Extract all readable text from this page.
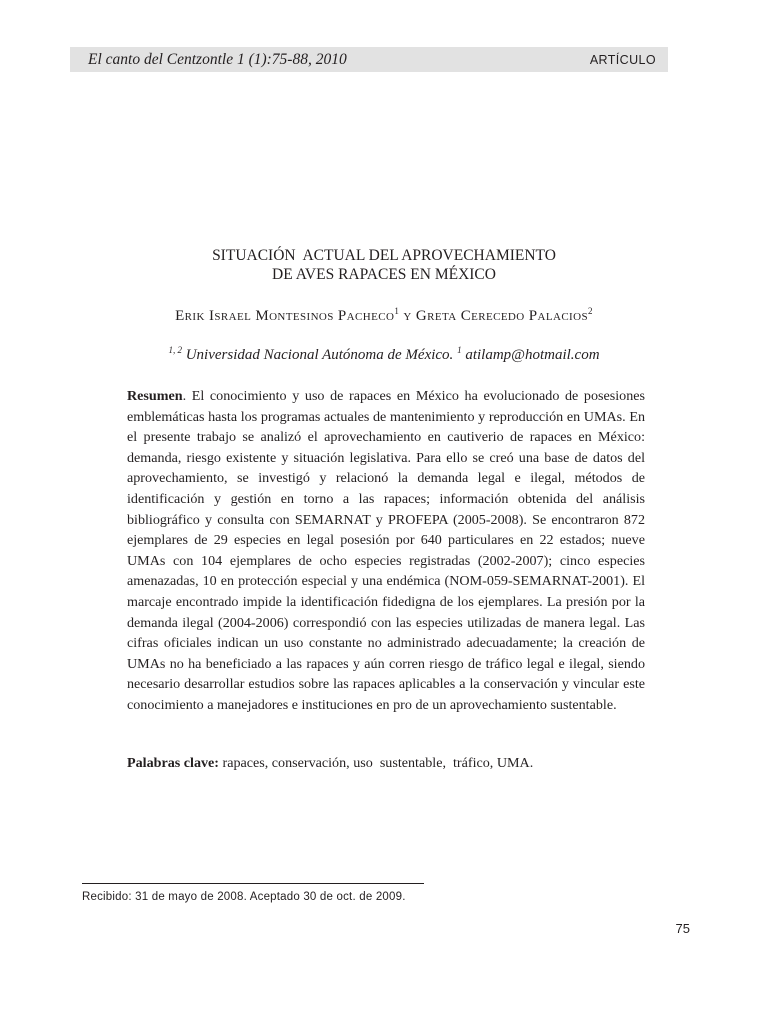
El canto del Centzontle 1 (1):75-88, 2010	ARTÍCULO
SITUACIÓN  ACTUAL DEL APROVECHAMIENTO
DE AVES RAPACES EN MÉXICO
Erik Israel Montesinos Pacheco$^1$ y Greta Cerecedo Palacios$^2$
$^{1, 2}$ Universidad Nacional Autónoma de México. $^1$ atilamp@hotmail.com

Resumen. El conocimiento y uso de rapaces en México ha evolucionado de posesiones emblemáticas hasta los programas actuales de mantenimiento y reproducción en UMAs. En el presente trabajo se analizó el aprovechamiento en cautiverio de rapaces en México: demanda, riesgo existente y situación legislativa. Para ello se creó una base de datos del aprovechamiento, se investigó y relacionó la demanda legal e ilegal, métodos de identificación y gestión en torno a las rapaces; información obtenida del análisis bibliográfico y consulta con SEMARNAT y PROFEPA (2005-2008). Se encontraron 872 ejemplares de 29 especies en legal posesión por 640 particulares en 22 estados; nueve UMAs con 104 ejemplares de ocho especies registradas (2002-2007); cinco especies amenazadas, 10 en protección especial y una endémica (NOM-059-SEMARNAT-2001). El marcaje encontrado impide la identificación fidedigna de los ejemplares. La presión por la demanda ilegal (2004-2006) correspondió con las especies utilizadas de manera legal. Las cifras oficiales indican un uso constante no administrado adecuadamente; la creación de UMAs no ha beneficiado a las rapaces y aún corren riesgo de tráfico legal e ilegal, siendo necesario desarrollar estudios sobre las rapaces aplicables a la conservación y vincular este conocimiento a manejadores e instituciones en pro de un aprovechamiento sustentable.

Palabras clave: rapaces, conservación, uso  sustentable,  tráfico, UMA.
Recibido: 31 de mayo de 2008. Aceptado 30 de oct. de 2009.
75
